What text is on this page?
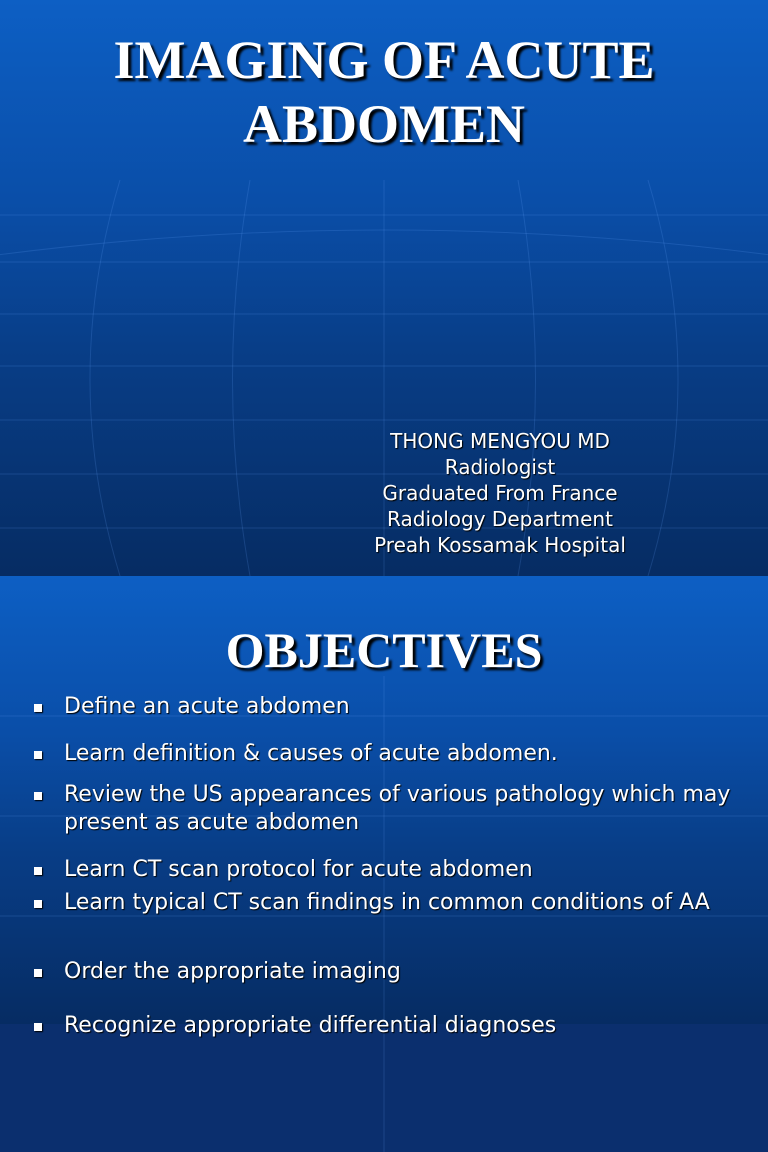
IMAGING OF ACUTE ABDOMEN
THONG MENGYOU MD
Radiologist
Graduated From France
Radiology Department
Preah Kossamak Hospital
OBJECTIVES
Define an acute abdomen
Learn definition & causes of acute abdomen.
Review the US appearances of various pathology which may present as acute abdomen
Learn CT scan protocol for acute abdomen
Learn typical CT scan findings in common conditions of AA
Order the appropriate imaging
Recognize appropriate differential diagnoses
